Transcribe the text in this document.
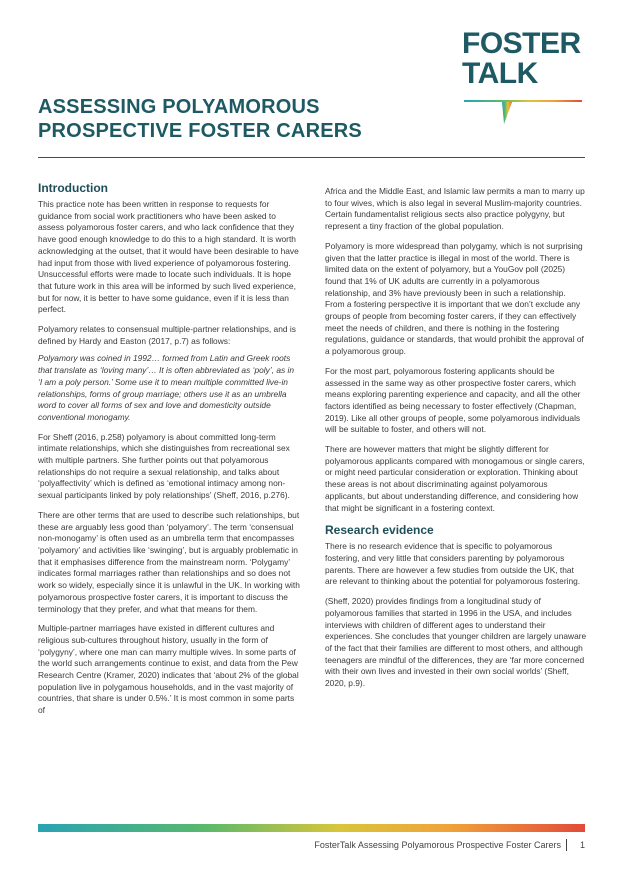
FOSTER
TALK
ASSESSING POLYAMOROUS
PROSPECTIVE FOSTER CARERS
Introduction

This practice note has been written in response to requests for guidance from social work practitioners who have been asked to assess polyamorous foster carers, and who lack confidence that they have good enough knowledge to do this to a high standard. It is worth acknowledging at the outset, that it would have been desirable to have had input from those with lived experience of polyamorous fostering. Unsuccessful efforts were made to locate such individuals. It is hope that future work in this area will be informed by such lived experience, but for now, it is better to have some guidance, even if it is less than perfect.

Polyamory relates to consensual multiple-partner relationships, and is defined by Hardy and Easton (2017, p.7) as follows:

Polyamory was coined in 1992… formed from Latin and Greek roots that translate as ‘loving many’… It is often abbreviated as ‘poly’, as in ‘I am a poly person.’ Some use it to mean multiple committed live-in relationships, forms of group marriage; others use it as an umbrella word to cover all forms of sex and love and domesticity outside conventional monogamy.

For Sheff (2016, p.258) polyamory is about committed long-term intimate relationships, which she distinguishes from recreational sex with multiple partners. She further points out that polyamorous relationships do not require a sexual relationship, and talks about ‘polyaffectivity’ which is defined as ‘emotional intimacy among non-sexual participants linked by poly relationships’ (Sheff, 2016, p.276).

There are other terms that are used to describe such relationships, but these are arguably less good than ‘polyamory’. The term ‘consensual non-monogamy’ is often used as an umbrella term that encompasses ‘polyamory’ and activities like ‘swinging’, but is arguably problematic in that it emphasises difference from the mainstream norm. ‘Polygamy’ indicates formal marriages rather than relationships and so does not work so widely, especially since it is unlawful in the UK. In working with polyamorous prospective foster carers, it is important to discuss the terminology that they prefer, and what that means for them.

Multiple-partner marriages have existed in different cultures and religious sub-cultures throughout history, usually in the form of ‘polygyny’, where one man can marry multiple wives. In some parts of the world such arrangements continue to exist, and data from the Pew Research Centre (Kramer, 2020) indicates that ‘about 2% of the global population live in polygamous households, and in the vast majority of countries, that share is under 0.5%.’ It is most common in some parts of

Africa and the Middle East, and Islamic law permits a man to marry up to four wives, which is also legal in several Muslim-majority countries. Certain fundamentalist religious sects also practice polygyny, but represent a tiny fraction of the global population.

Polyamory is more widespread than polygamy, which is not surprising given that the latter practice is illegal in most of the world. There is limited data on the extent of polyamory, but a YouGov poll (2025) found that 1% of UK adults are currently in a polyamorous relationship, and 3% have previously been in such a relationship. From a fostering perspective it is important that we don’t exclude any groups of people from becoming foster carers, if they can effectively meet the needs of children, and there is nothing in the fostering regulations, guidance or standards, that would prohibit the approval of a polyamorous group.

For the most part, polyamorous fostering applicants should be assessed in the same way as other prospective foster carers, which means exploring parenting experience and capacity, and all the other factors identified as being necessary to foster effectively (Chapman, 2019). Like all other groups of people, some polyamorous individuals will be suitable to foster, and others will not.

There are however matters that might be slightly different for polyamorous applicants compared with monogamous or single carers, or might need particular consideration or exploration. Thinking about these areas is not about discriminating against polyamorous applicants, but about understanding difference, and considering how that might be significant in a fostering context.

Research evidence

There is no research evidence that is specific to polyamorous fostering, and very little that considers parenting by polyamorous parents. There are however a few studies from outside the UK, that are relevant to thinking about the potential for polyamorous fostering.

(Sheff, 2020) provides findings from a longitudinal study of polyamorous families that started in 1996 in the USA, and includes interviews with children of different ages to understand their experiences. She concludes that younger children are largely unaware of the fact that their families are different to most others, and although teenagers are mindful of the differences, they are ‘far more concerned with their own lives and invested in their own social worlds’ (Sheff, 2020, p.9).

FosterTalk Assessing Polyamorous Prospective Foster Carers 1
